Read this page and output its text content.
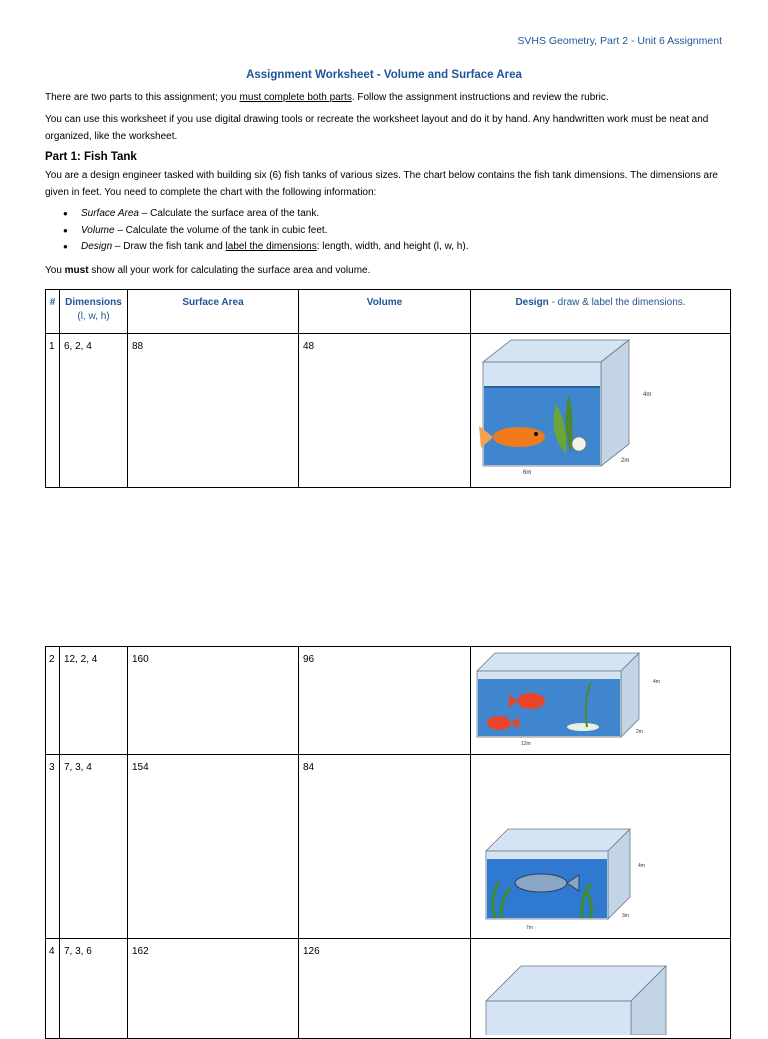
SVHS Geometry, Part 2 - Unit 6 Assignment
Assignment Worksheet - Volume and Surface Area
There are two parts to this assignment; you must complete both parts. Follow the assignment instructions and review the rubric.
You can use this worksheet if you use digital drawing tools or recreate the worksheet layout and do it by hand. Any handwritten work must be neat and organized, like the worksheet.
Part 1: Fish Tank
You are a design engineer tasked with building six (6) fish tanks of various sizes. The chart below contains the fish tank dimensions. The dimensions are given in feet. You need to complete the chart with the following information:
● Surface Area – Calculate the surface area of the tank.
● Volume – Calculate the volume of the tank in cubic feet.
● Design – Draw the fish tank and label the dimensions: length, width, and height (l, w, h).
You must show all your work for calculating the surface area and volume.
#	Dimensions
(l, w, h)	Surface Area	Volume	Design - draw & label the dimensions.

1	6, 2, 4	88	48	4m
2m
6m
2	12, 2, 4	160	96	4m
2m
12m

3	7, 3, 4	154	84	4m
3m
7m

4	7, 3, 6	162	126
